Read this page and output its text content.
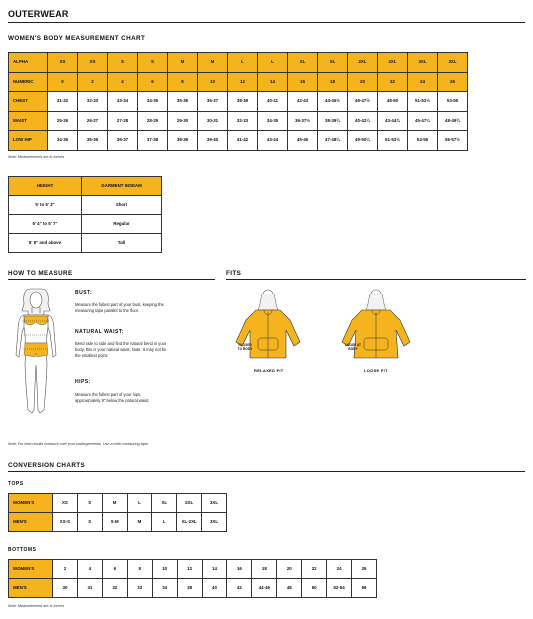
OUTERWEAR
WOMEN'S BODY MEASUREMENT CHART
ALPHA	XS	XS	S	S	M	M	L	L	XL	XL	2XL	2XL	3XL	3XL
NUMERIC	0	2	4	6	8	10	12	14	16	18	20	22	24	26
CHEST	31-32	32-33	33-34	34-35	35-36	36-37	38-39	40-41	42-43	44-45½	46-47½	48-50	51-52½	53-55
WAIST	25-26	26-27	27-28	28-29	29-30	30-31	32-33	34-35	36-37½	38-39¼	40-42¼	43-44¾	45-47¼	48-49¾
LOW HIP	34-35	35-36	36-37	37-38	38-39	39-40	41-42	43-44	45-46	47-48¼	49-50¼	51-52½	53-55	56-57½
Note: Measurements are in inches
HEIGHT	GARMENT INSEAM
5' to 5' 3"	Short
5' 4" to 5' 7"	Regular
5' 8" and above	Tall
HOW TO MEASURE
BUST:
Measure the fullest part of your bust, keeping the measuring tape parallel to the floor.
NATURAL WAIST:
Bend side to side and find the natural bend in your body, this is your natural waist. Note: It may not be the smallest point.
HIPS:
Measure the fullest part of your hips, approximately 8" below the natural waist.
Note: For best results measure over your undergarments. Use a cloth measuring tape.
FITS
CLOSER TO BODY
RELAXED FIT
LOOSE AT BODY
LOOSE FIT
CONVERSION CHARTS
TOPS
WOMEN'S	XS	S	M	L	XL	2XL	3XL
MEN'S	XS-S	S	S-M	M	L	XL-2XL	3XL
BOTTOMS
WOMEN'S	2	4	6	8	10	12	14	16	18	20	22	24	26
MEN'S	30	31	32	33	34	38	40	42	44-46	48	50	52-54	56
Note: Measurements are in inches
